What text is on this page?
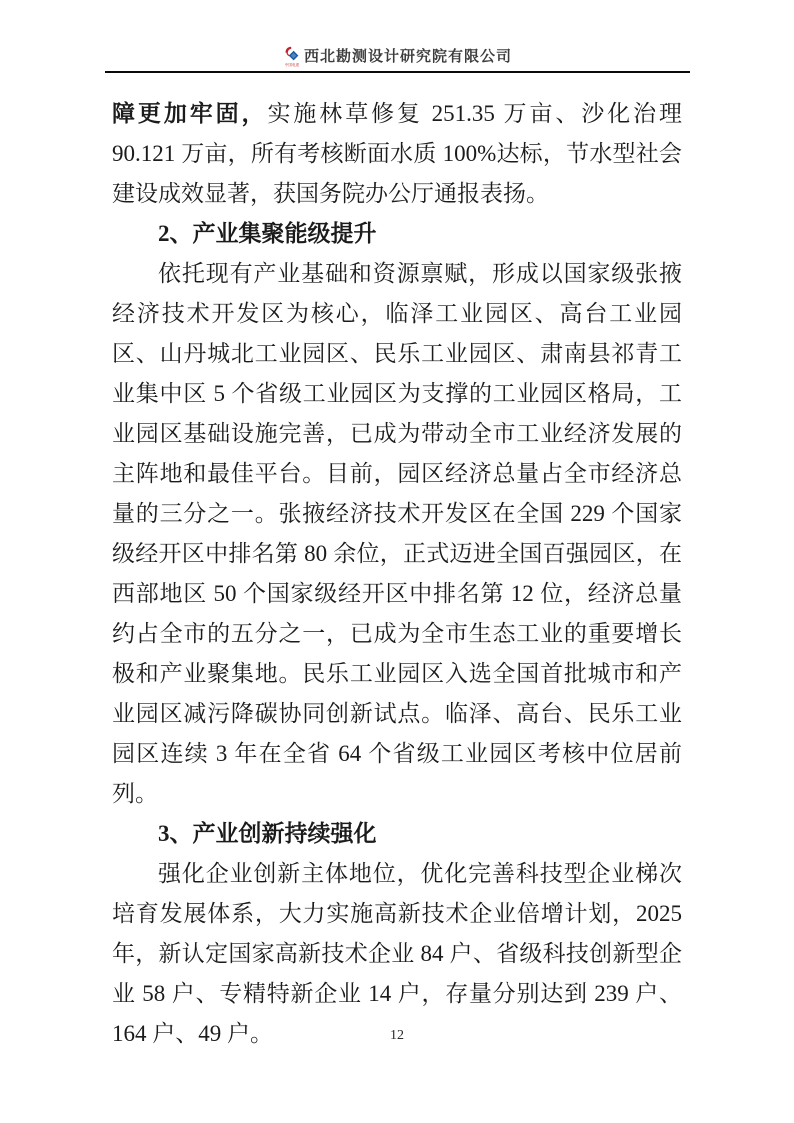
中国电建 西北勘测设计研究院有限公司

障更加牢固，实施林草修复 251.35 万亩、沙化治理 90.121 万亩，所有考核断面水质 100%达标，节水型社会建设成效显著，获国务院办公厅通报表扬。

2、产业集聚能级提升

依托现有产业基础和资源禀赋，形成以国家级张掖经济技术开发区为核心，临泽工业园区、高台工业园区、山丹城北工业园区、民乐工业园区、肃南县祁青工业集中区 5 个省级工业园区为支撑的工业园区格局，工业园区基础设施完善，已成为带动全市工业经济发展的主阵地和最佳平台。目前，园区经济总量占全市经济总量的三分之一。张掖经济技术开发区在全国 229 个国家级经开区中排名第 80 余位，正式迈进全国百强园区，在西部地区 50 个国家级经开区中排名第 12 位，经济总量约占全市的五分之一，已成为全市生态工业的重要增长极和产业聚集地。民乐工业园区入选全国首批城市和产业园区减污降碳协同创新试点。临泽、高台、民乐工业园区连续 3 年在全省 64 个省级工业园区考核中位居前列。

3、产业创新持续强化

强化企业创新主体地位，优化完善科技型企业梯次培育发展体系，大力实施高新技术企业倍增计划，2025 年，新认定国家高新技术企业 84 户、省级科技创新型企业 58 户、专精特新企业 14 户，存量分别达到 239 户、164 户、49 户。	12
